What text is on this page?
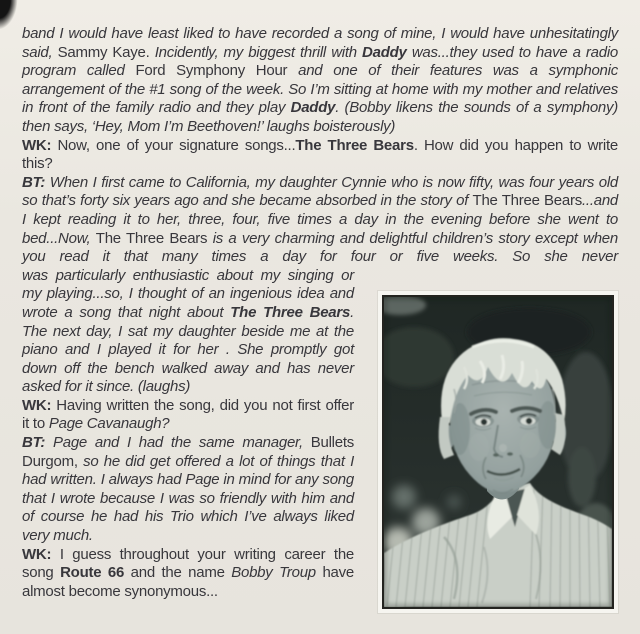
band I would have least liked to have recorded a song of mine, I would have unhesitatingly said, Sammy Kaye. Incidently, my biggest thrill with Daddy was...they used to have a radio program called Ford Symphony Hour and one of their features was a symphonic arrangement of the #1 song of the week. So I’m sitting at home with my mother and relatives in front of the family radio and they play Daddy. (Bobby likens the sounds of a symphony) then says, ‘Hey, Mom I’m Beethoven!’ laughs boisterously)

WK: Now, one of your signature songs...The Three Bears. How did you happen to write this?

BT: When I first came to California, my daughter Cynnie who is now fifty, was four years old so that’s forty six years ago and she became absorbed in the story of The Three Bears...and I kept reading it to her, three, four, five times a day in the evening before she went to bed...Now, The Three Bears is a very charming and delightful children’s story except when you read it that many times a day for four or five weeks. So she never

was particularly enthusiastic about my singing or my playing...so, I thought of an ingenious idea and wrote a song that night about The Three Bears. The next day, I sat my daughter beside me at the piano and I played it for her . She promptly got down off the bench walked away and has never asked for it since. (laughs)

WK: Having written the song, did you not first offer it to Page Cavanaugh?

BT: Page and I had the same manager, Bullets Durgom, so he did get offered a lot of things that I had written. I always had Page in mind for any song that I wrote because I was so friendly with him and of course he had his Trio which I’ve always liked very much.

WK: I guess throughout your writing career the song Route 66 and the name Bobby Troup have almost become synonymous...
